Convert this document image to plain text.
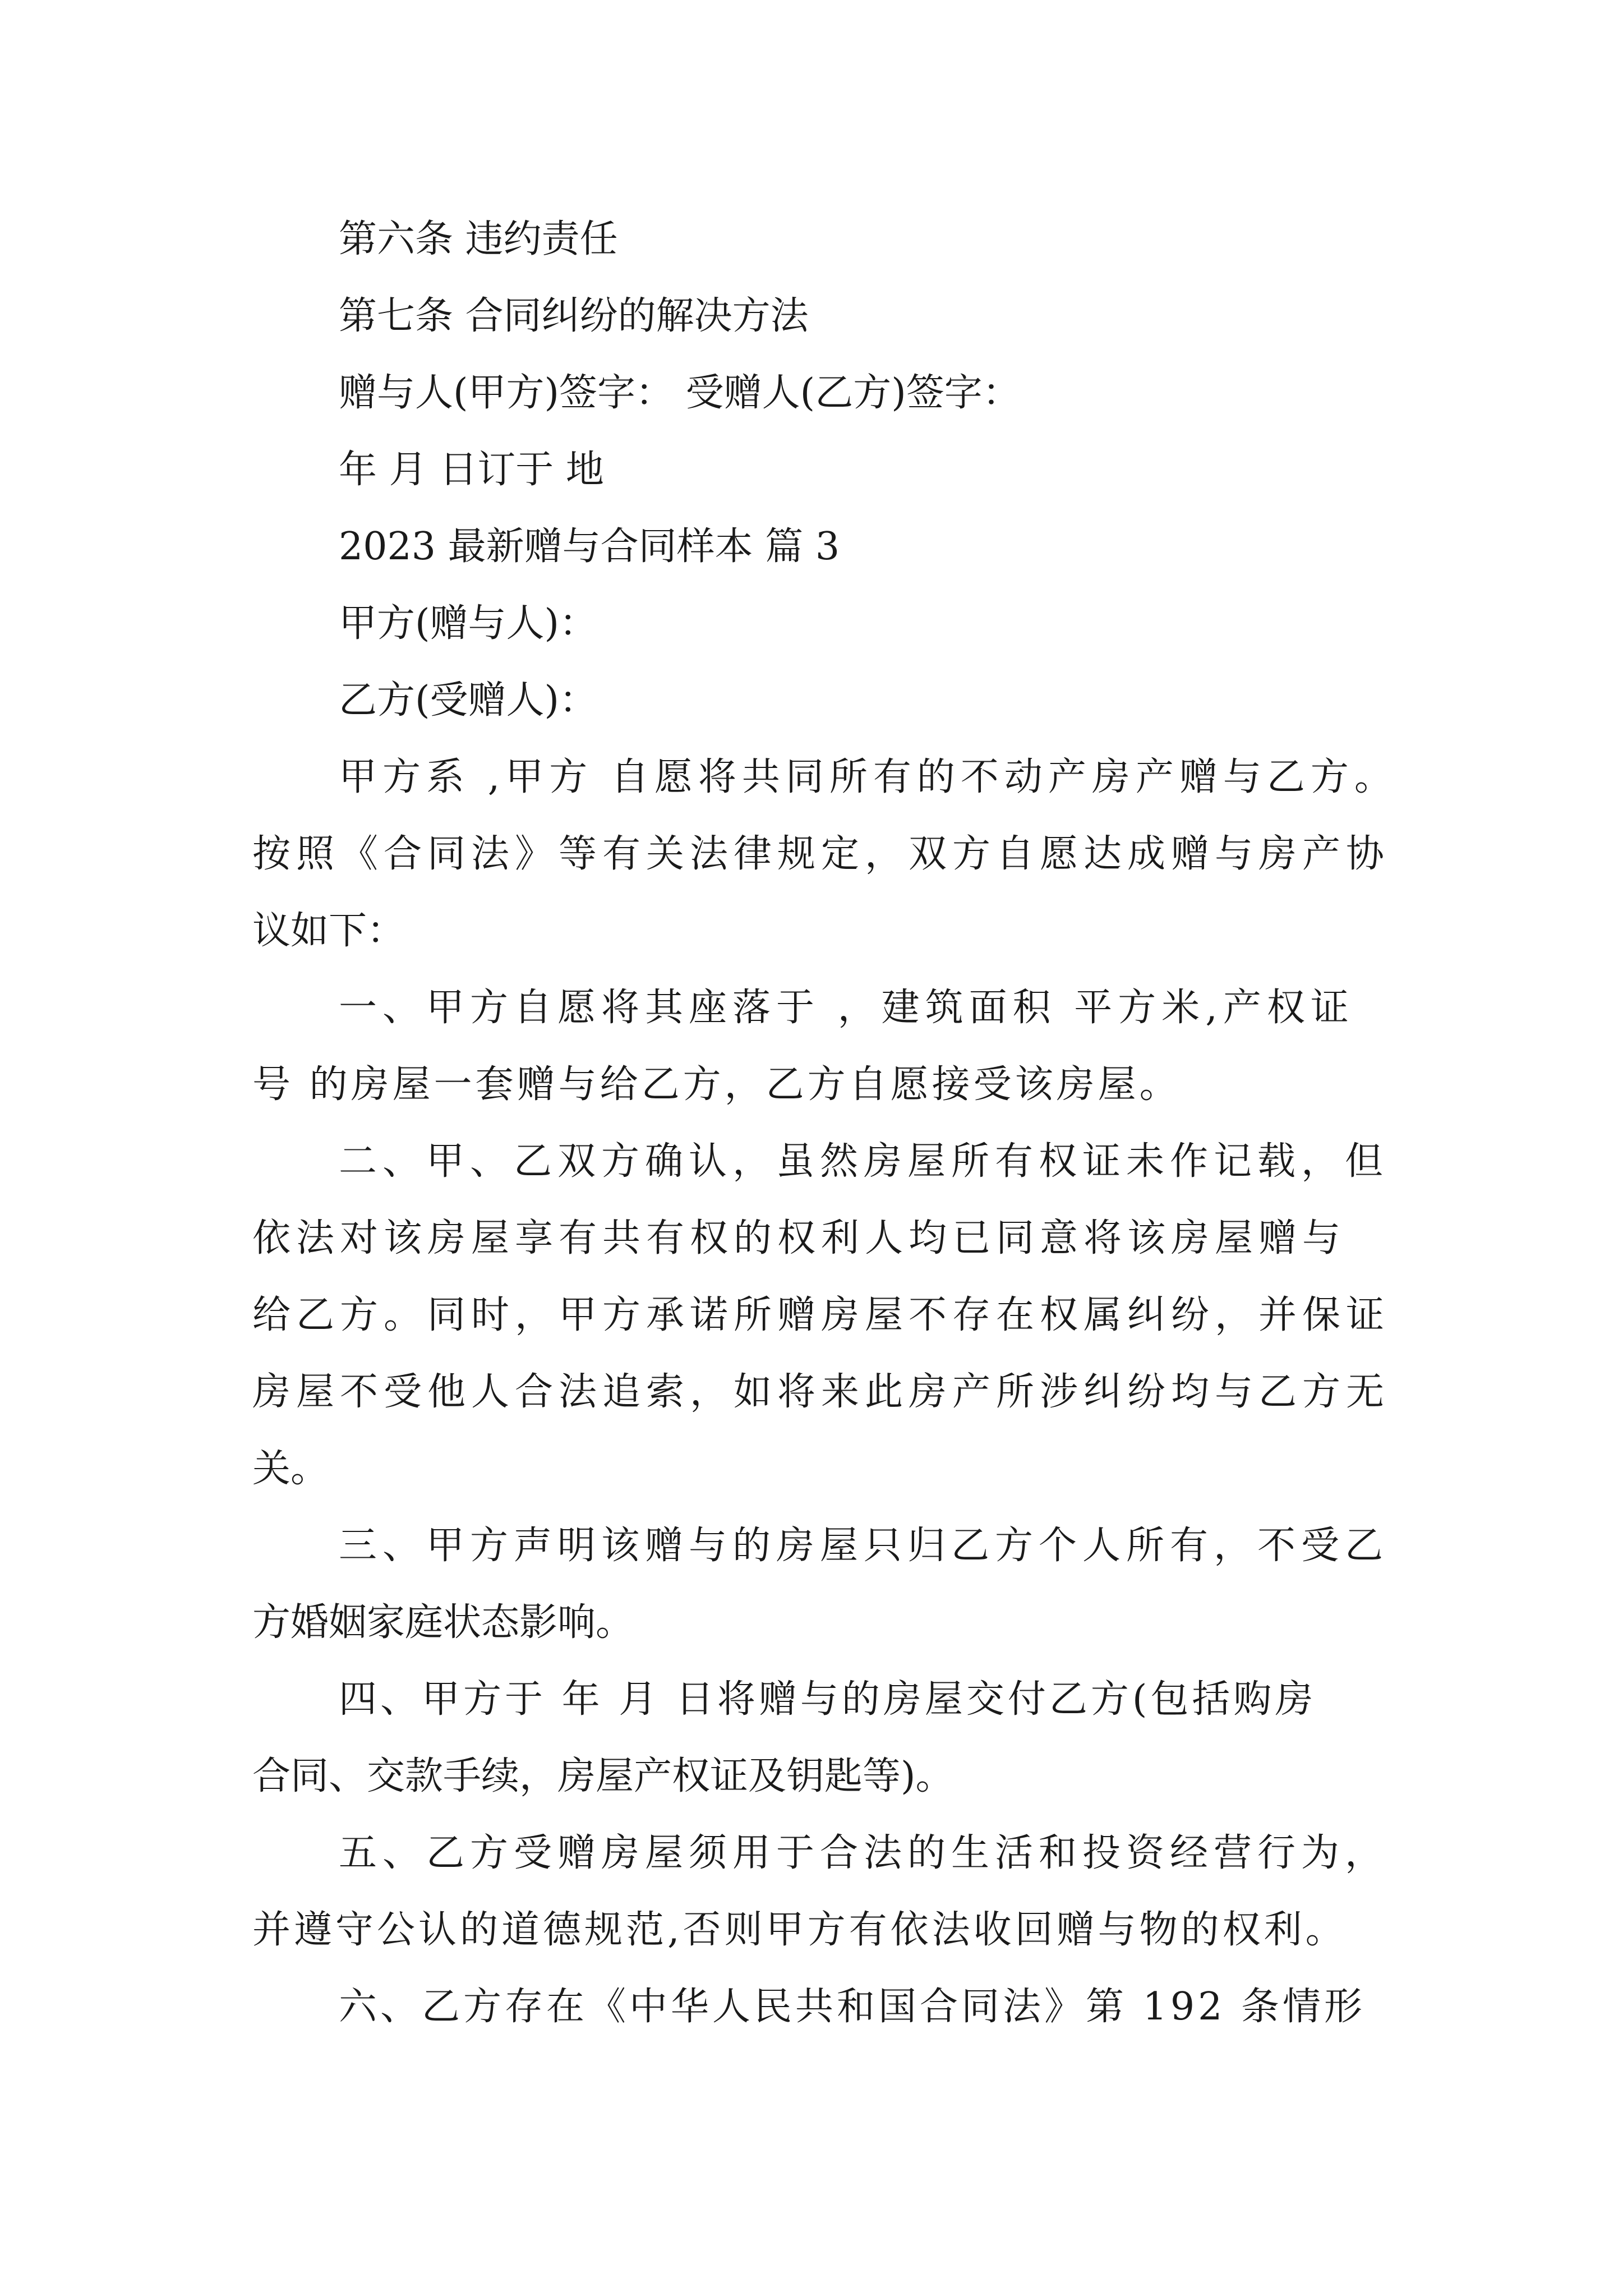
第六条 违约责任
第七条 合同纠纷的解决方法
赠与人(甲方)签字： 受赠人(乙方)签字：
年 月 日订于 地
2023 最新赠与合同样本 篇 3
甲方(赠与人)：
乙方(受赠人)：
甲方系 ,甲方 自愿将共同所有的不动产房产赠与乙方。
按照《合同法》等有关法律规定，双方自愿达成赠与房产协
议如下：
一、甲方自愿将其座落于 ，建筑面积 平方米,产权证
号 的房屋一套赠与给乙方，乙方自愿接受该房屋。
二、甲、乙双方确认，虽然房屋所有权证未作记载，但
依法对该房屋享有共有权的权利人均已同意将该房屋赠与
给乙方。同时，甲方承诺所赠房屋不存在权属纠纷，并保证
房屋不受他人合法追索，如将来此房产所涉纠纷均与乙方无
关。
三、甲方声明该赠与的房屋只归乙方个人所有，不受乙
方婚姻家庭状态影响。
四、甲方于 年 月 日将赠与的房屋交付乙方(包括购房
合同、交款手续，房屋产权证及钥匙等)。
五、乙方受赠房屋须用于合法的生活和投资经营行为，
并遵守公认的道德规范,否则甲方有依法收回赠与物的权利。
六、乙方存在《中华人民共和国合同法》第 192 条情形
